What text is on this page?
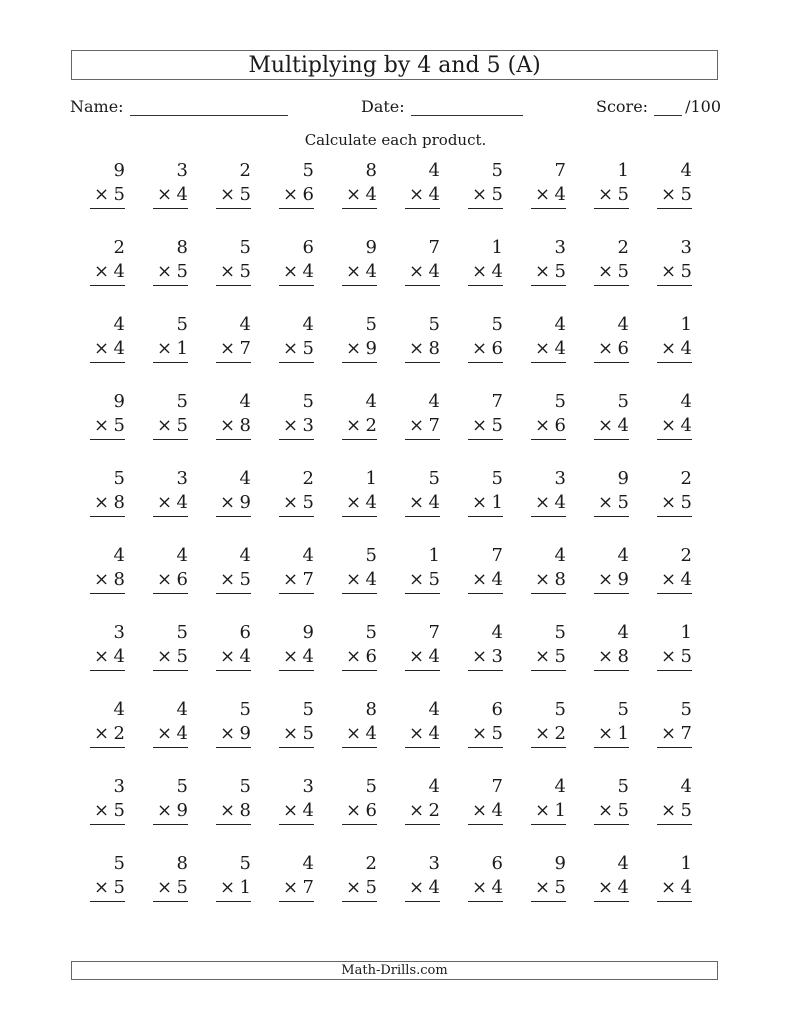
Multiplying by 4 and 5 (A)
Name:	Date:	Score: /100
Calculate each product.
9
× 5
3
× 4
2
× 5
5
× 6
8
× 4
4
× 4
5
× 5
7
× 4
1
× 5
4
× 5
2
× 4
8
× 5
5
× 5
6
× 4
9
× 4
7
× 4
1
× 4
3
× 5
2
× 5
3
× 5
4
× 4
5
× 1
4
× 7
4
× 5
5
× 9
5
× 8
5
× 6
4
× 4
4
× 6
1
× 4
9
× 5
5
× 5
4
× 8
5
× 3
4
× 2
4
× 7
7
× 5
5
× 6
5
× 4
4
× 4
5
× 8
3
× 4
4
× 9
2
× 5
1
× 4
5
× 4
5
× 1
3
× 4
9
× 5
2
× 5
4
× 8
4
× 6
4
× 5
4
× 7
5
× 4
1
× 5
7
× 4
4
× 8
4
× 9
2
× 4
3
× 4
5
× 5
6
× 4
9
× 4
5
× 6
7
× 4
4
× 3
5
× 5
4
× 8
1
× 5
4
× 2
4
× 4
5
× 9
5
× 5
8
× 4
4
× 4
6
× 5
5
× 2
5
× 1
5
× 7
3
× 5
5
× 9
5
× 8
3
× 4
5
× 6
4
× 2
7
× 4
4
× 1
5
× 5
4
× 5
5
× 5
8
× 5
5
× 1
4
× 7
2
× 5
3
× 4
6
× 4
9
× 5
4
× 4
1
× 4
Math-Drills.com
